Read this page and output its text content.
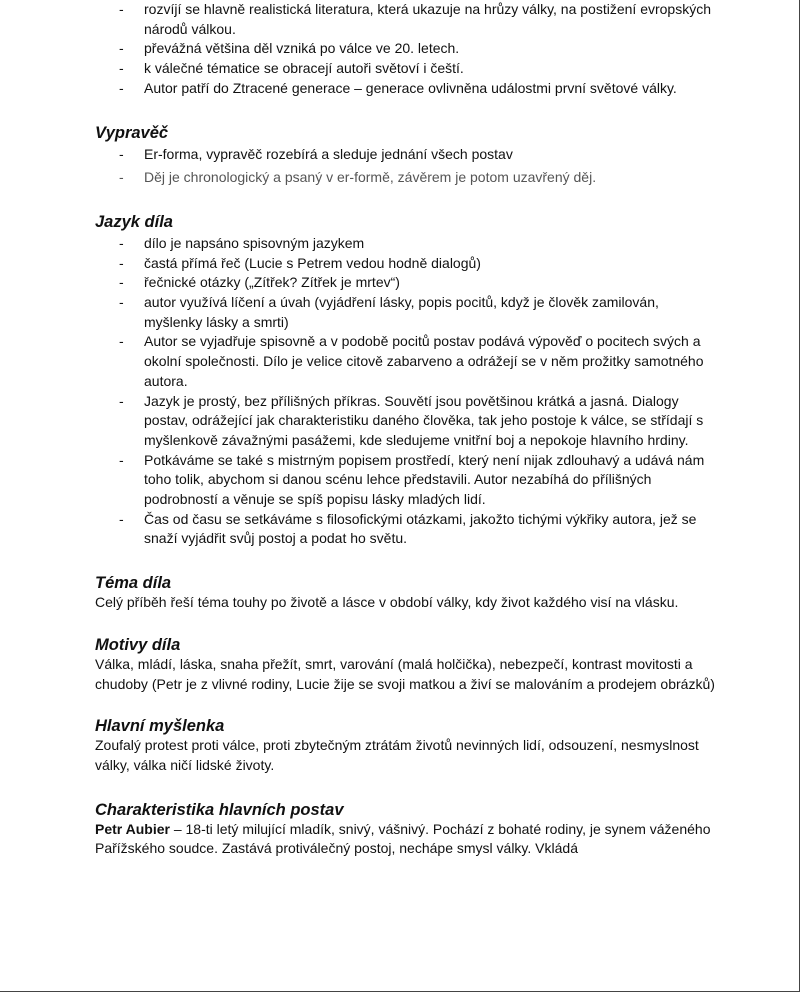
- rozvíjí se hlavně realistická literatura, která ukazuje na hrůzy války, na postižení evropských národů válkou.
- převážná většina děl vzniká po válce ve 20. letech.
- k válečné tématice se obracejí autoři světoví i čeští.
- Autor patří do Ztracené generace – generace ovlivněna událostmi první světové války.
Vypravěč
- Er-forma, vypravěč rozebírá a sleduje jednání všech postav
- Děj je chronologický a psaný v er-formě, závěrem je potom uzavřený děj.
Jazyk díla
- dílo je napsáno spisovným jazykem
- častá přímá řeč (Lucie s Petrem vedou hodně dialogů)
- řečnické otázky („Zítřek? Zítřek je mrtev“)
- autor využívá líčení a úvah (vyjádření lásky, popis pocitů, když je člověk zamilován, myšlenky lásky a smrti)
- Autor se vyjadřuje spisovně a v podobě pocitů postav podává výpověď o pocitech svých a okolní společnosti. Dílo je velice citově zabarveno a odrážejí se v něm prožitky samotného autora.
- Jazyk je prostý, bez přílišných příkras. Souvětí jsou povětšinou krátká a jasná. Dialogy postav, odrážející jak charakteristiku daného člověka, tak jeho postoje k válce, se střídají s myšlenkově závažnými pasážemi, kde sledujeme vnitřní boj a nepokoje hlavního hrdiny.
- Potkáváme se také s mistrným popisem prostředí, který není nijak zdlouhavý a udává nám toho tolik, abychom si danou scénu lehce představili. Autor nezabíhá do přílišných podrobností a věnuje se spíš popisu lásky mladých lidí.
- Čas od času se setkáváme s filosofickými otázkami, jakožto tichými výkřiky autora, jež se snaží vyjádřit svůj postoj a podat ho světu.
Téma díla

Celý příběh řeší téma touhy po životě a lásce v období války, kdy život každého visí na vlásku.

Motivy díla

Válka, mládí, láska, snaha přežít, smrt, varování (malá holčička), nebezpečí, kontrast movitosti a chudoby (Petr je z vlivné rodiny, Lucie žije se svoji matkou a živí se malováním a prodejem obrázků)

Hlavní myšlenka

Zoufalý protest proti válce, proti zbytečným ztrátám životů nevinných lidí, odsouzení, nesmyslnost války, válka ničí lidské životy.

Charakteristika hlavních postav

Petr Aubier – 18-ti letý milující mladík, snivý, vášnivý. Pochází z bohaté rodiny, je synem váženého Pařížského soudce. Zastává protiválečný postoj, nechápe smysl války. Vkládá
